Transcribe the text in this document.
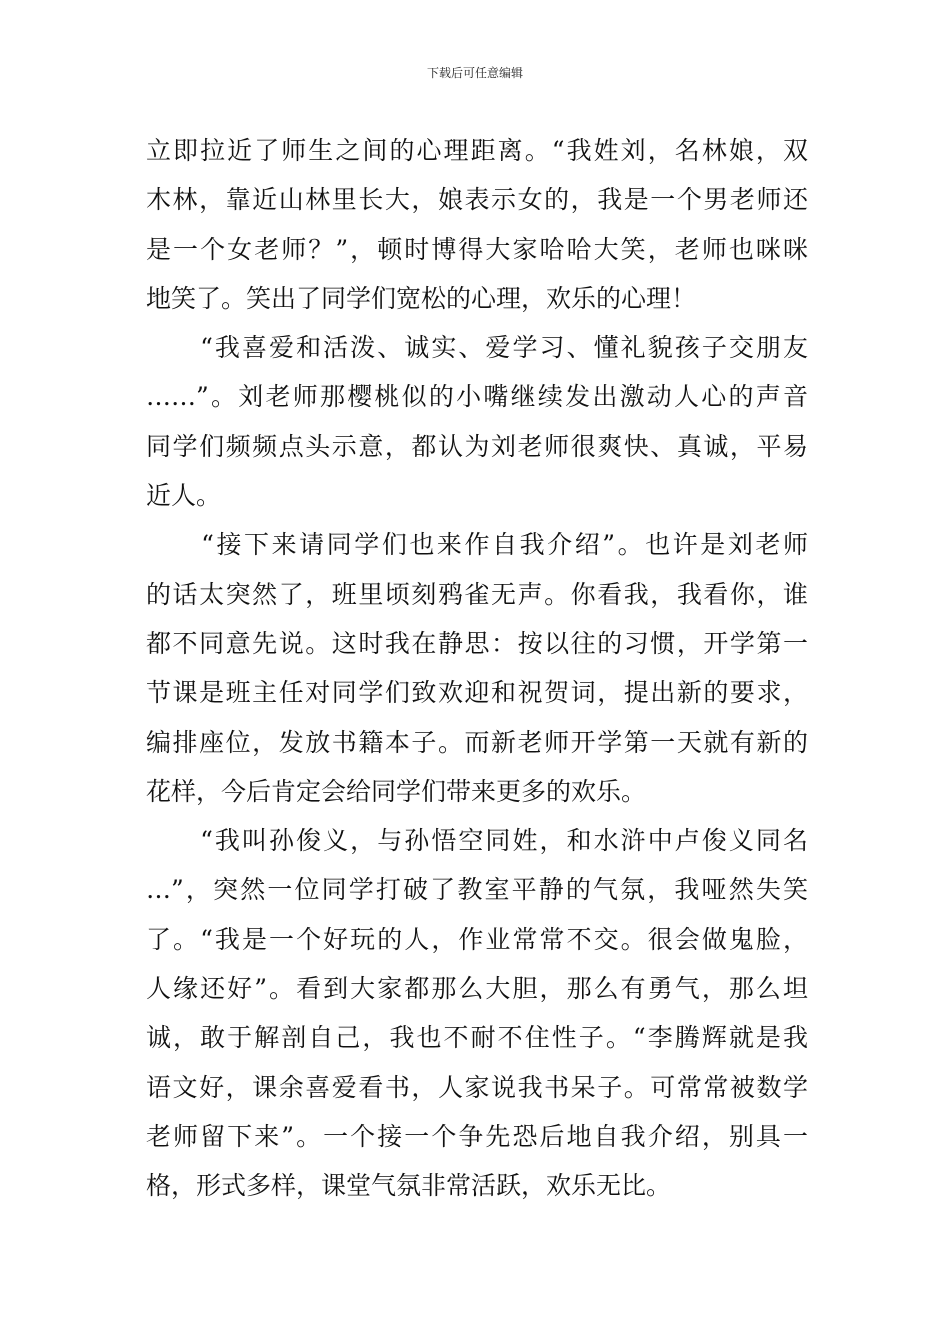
下载后可任意编辑
立即拉近了师生之间的心理距离。“我姓刘，名林娘，双
木林，靠近山林里长大，娘表示女的，我是一个男老师还
是一个女老师？”，顿时博得大家哈哈大笑，老师也咪咪
地笑了。笑出了同学们宽松的心理，欢乐的心理！
　　“我喜爱和活泼、诚实、爱学习、懂礼貌孩子交朋友
……”。刘老师那樱桃似的小嘴继续发出激动人心的声音
同学们频频点头示意，都认为刘老师很爽快、真诚，平易
近人。
　　“接下来请同学们也来作自我介绍”。也许是刘老师
的话太突然了，班里顷刻鸦雀无声。你看我，我看你，谁
都不同意先说。这时我在静思：按以往的习惯，开学第一
节课是班主任对同学们致欢迎和祝贺词，提出新的要求，
编排座位，发放书籍本子。而新老师开学第一天就有新的
花样，今后肯定会给同学们带来更多的欢乐。
　　“我叫孙俊义，与孙悟空同姓，和水浒中卢俊义同名
…”，突然一位同学打破了教室平静的气氛，我哑然失笑
了。“我是一个好玩的人，作业常常不交。很会做鬼脸，
人缘还好”。看到大家都那么大胆，那么有勇气，那么坦
诚，敢于解剖自己，我也不耐不住性子。“李腾辉就是我
语文好，课余喜爱看书，人家说我书呆子。可常常被数学
老师留下来”。一个接一个争先恐后地自我介绍，别具一
格，形式多样，课堂气氛非常活跃，欢乐无比。
